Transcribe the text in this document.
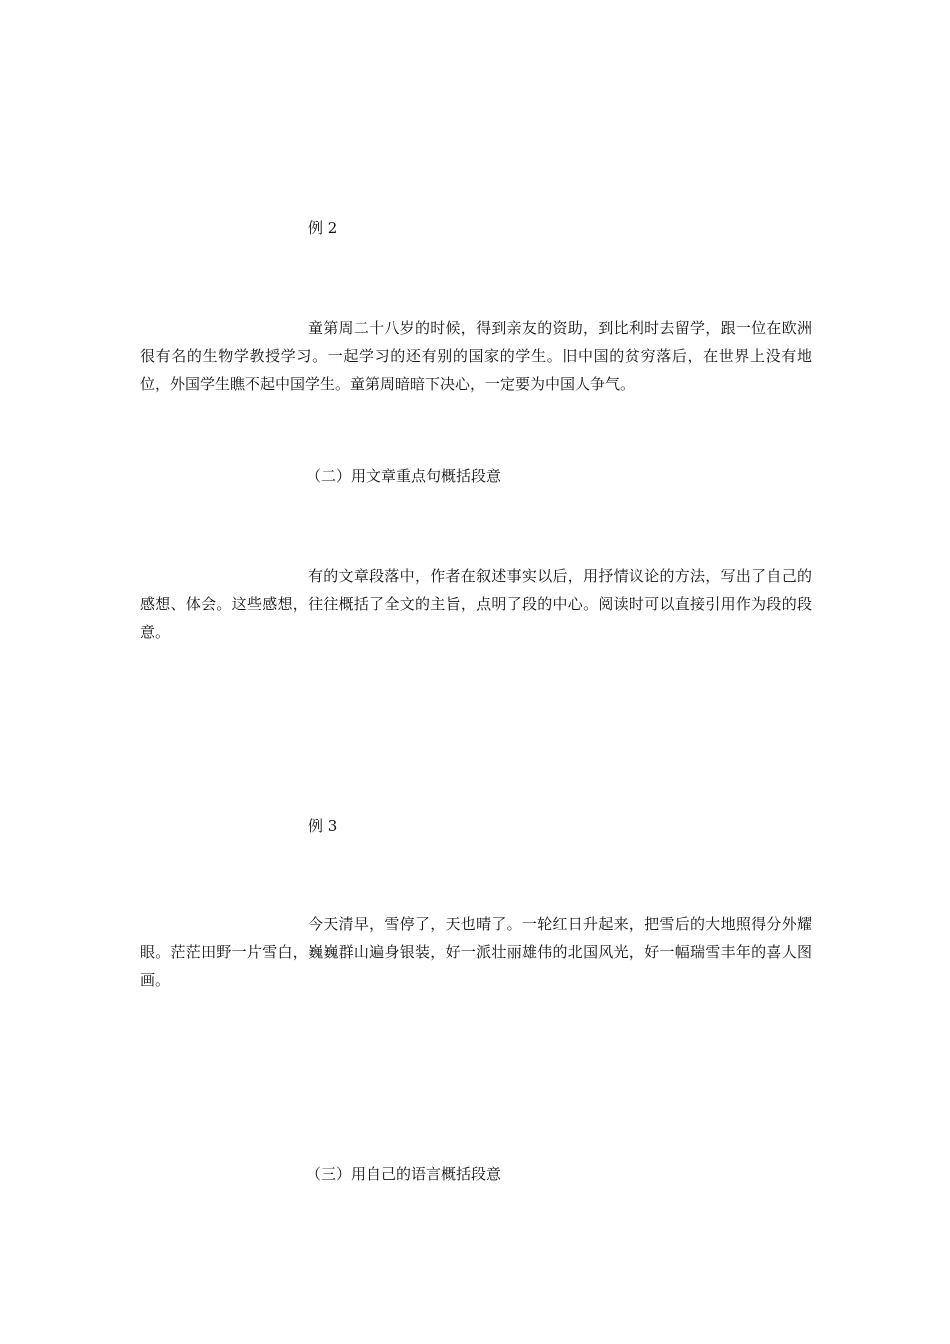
例 2

童第周二十八岁的时候，得到亲友的资助，到比利时去留学，跟一位在欧洲很有名的生物学教授学习。一起学习的还有别的国家的学生。旧中国的贫穷落后，在世界上没有地位，外国学生瞧不起中国学生。童第周暗暗下决心，一定要为中国人争气。

（二）用文章重点句概括段意

有的文章段落中，作者在叙述事实以后，用抒情议论的方法，写出了自己的感想、体会。这些感想，往往概括了全文的主旨，点明了段的中心。阅读时可以直接引用作为段的段意。

例 3

今天清早，雪停了，天也晴了。一轮红日升起来，把雪后的大地照得分外耀眼。茫茫田野一片雪白，巍巍群山遍身银装，好一派壮丽雄伟的北国风光，好一幅瑞雪丰年的喜人图画。

（三）用自己的语言概括段意
